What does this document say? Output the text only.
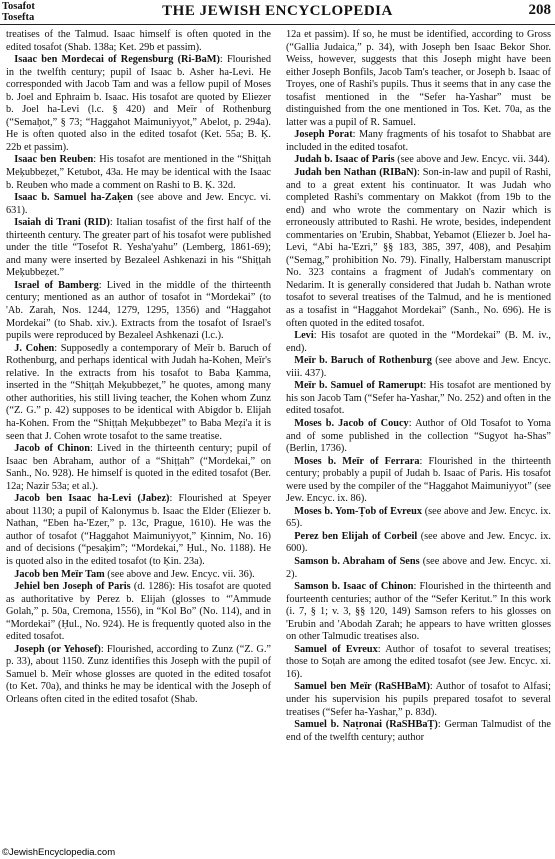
Tosafot
Tosefta	THE JEWISH ENCYCLOPEDIA	208

treatises of the Talmud. Isaac himself is often quoted in the edited tosafot (Shab. 138a; Ket. 29b et passim).

Isaac ben Mordecai of Regensburg (Ri-BaM): Flourished in the twelfth century; pupil of Isaac b. Asher ha-Levi. He corresponded with Jacob Tam and was a fellow pupil of Moses b. Joel and Ephraim b. Isaac. His tosafot are quoted by Eliezer b. Joel ha-Levi (l.c. § 420) and Meïr of Rothenburg (“Semaḥot,” § 73; “Haggahot Maimuniyyot,” Abelot, p. 294a). He is often quoted also in the edited tosafot (Ket. 55a; B. Ḳ. 22b et passim).

Isaac ben Reuben: His tosafot are mentioned in the “Shiṭṭah Meḳubbeẓet,” Ketubot, 43a. He may be identical with the Isaac b. Reuben who made a comment on Rashi to B. Ḳ. 32d.

Isaac b. Samuel ha-Zaḳen (see above and Jew. Encyc. vi. 631).

Isaiah di Trani (RID): Italian tosafist of the first half of the thirteenth century. The greater part of his tosafot were published under the title “Tosefot R. Yesha'yahu” (Lemberg, 1861-69); and many were inserted by Bezaleel Ashkenazi in his “Shiṭṭah Meḳubbeẓet.”

Israel of Bamberg: Lived in the middle of the thirteenth century; mentioned as an author of tosafot in “Mordekai” (to 'Ab. Zarah, Nos. 1244, 1279, 1295, 1356) and “Haggahot Mordekai” (to Shab. xiv.). Extracts from the tosafot of Israel's pupils were reproduced by Bezaleel Ashkenazi (l.c.).

J. Cohen: Supposedly a contemporary of Meïr b. Baruch of Rothenburg, and perhaps identical with Judah ha-Kohen, Meïr's relative. In the extracts from his tosafot to Baba Ḳamma, inserted in the “Shiṭṭah Meḳubbeẓet,” he quotes, among many other authorities, his still living teacher, the Kohen whom Zunz (“Z. G.” p. 42) supposes to be identical with Abigdor b. Elijah ha-Kohen. From the “Shiṭṭah Meḳubbeẓet” to Baba Meẓi'a it is seen that J. Cohen wrote tosafot to the same treatise.

Jacob of Chinon: Lived in the thirteenth century; pupil of Isaac ben Abraham, author of a “Shiṭṭah” (“Mordekai,” on Sanh., No. 928). He himself is quoted in the edited tosafot (Ber. 12a; Nazir 53a; et al.).

Jacob ben Isaac ha-Levi (Jabez): Flourished at Speyer about 1130; a pupil of Kalonymus b. Isaac the Elder (Eliezer b. Nathan, “Eben ha-'Ezer,” p. 13c, Prague, 1610). He was the author of tosafot (“Haggahot Maimuniyyot,” Ḳinnim, No. 16) and of decisions (“pesaḳim”; “Mordekai,” Ḥul., No. 1188). He is quoted also in the edited tosafot (to Ḳin. 23a).

Jacob ben Meïr Tam (see above and Jew. Encyc. vii. 36).

Jehiel ben Joseph of Paris (d. 1286): His tosafot are quoted as authoritative by Perez b. Elijah (glosses to “'Ammude Golah,” p. 50a, Cremona, 1556), in “Kol Bo” (No. 114), and in “Mordekai” (Ḥul., No. 924). He is frequently quoted also in the edited tosafot.

Joseph (or Yehosef): Flourished, according to Zunz (“Z. G.” p. 33), about 1150. Zunz identifies this Joseph with the pupil of Samuel b. Meïr whose glosses are quoted in the edited tosafot (to Ket. 70a), and thinks he may be identical with the Joseph of Orleans often cited in the edited tosafot (Shab.

12a et passim). If so, he must be identified, according to Gross (“Gallia Judaica,” p. 34), with Joseph ben Isaac Bekor Shor. Weiss, however, suggests that this Joseph might have been either Joseph Bonfils, Jacob Tam's teacher, or Joseph b. Isaac of Troyes, one of Rashi's pupils. Thus it seems that in any case the tosafist mentioned in the “Sefer ha-Yashar” must be distinguished from the one mentioned in Tos. Ket. 70a, as the latter was a pupil of R. Samuel.

Joseph Porat: Many fragments of his tosafot to Shabbat are included in the edited tosafot.

Judah b. Isaac of Paris (see above and Jew. Encyc. vii. 344).

Judah ben Nathan (RIBaN): Son-in-law and pupil of Rashi, and to a great extent his continuator. It was Judah who completed Rashi's commentary on Makkot (from 19b to the end) and who wrote the commentary on Nazir which is erroneously attributed to Rashi. He wrote, besides, independent commentaries on 'Erubin, Shabbat, Yebamot (Eliezer b. Joel ha-Levi, “Abi ha-'Ezri,” §§ 183, 385, 397, 408), and Pesaḥim (“Semag,” prohibition No. 79). Finally, Halberstam manuscript No. 323 contains a fragment of Judah's commentary on Nedarim. It is generally considered that Judah b. Nathan wrote tosafot to several treatises of the Talmud, and he is mentioned as a tosafist in “Haggahot Mordekai” (Sanh., No. 696). He is often quoted in the edited tosafot.

Levi: His tosafot are quoted in the “Mordekai” (B. M. iv., end).

Meïr b. Baruch of Rothenburg (see above and Jew. Encyc. viii. 437).

Meïr b. Samuel of Ramerupt: His tosafot are mentioned by his son Jacob Tam (“Sefer ha-Yashar,” No. 252) and often in the edited tosafot.

Moses b. Jacob of Coucy: Author of Old Tosafot to Yoma and of some published in the collection “Sugyot ha-Shas” (Berlin, 1736).

Moses b. Meïr of Ferrara: Flourished in the thirteenth century; probably a pupil of Judah b. Isaac of Paris. His tosafot were used by the compiler of the “Haggahot Maimuniyyot” (see Jew. Encyc. ix. 86).

Moses b. Yom-Ṭob of Evreux (see above and Jew. Encyc. ix. 65).

Perez ben Elijah of Corbeil (see above and Jew. Encyc. ix. 600).

Samson b. Abraham of Sens (see above and Jew. Encyc. xi. 2).

Samson b. Isaac of Chinon: Flourished in the thirteenth and fourteenth centuries; author of the “Sefer Keritut.” In this work (i. 7, § 1; v. 3, §§ 120, 149) Samson refers to his glosses on 'Erubin and 'Abodah Zarah; he appears to have written glosses on other Talmudic treatises also.

Samuel of Evreux: Author of tosafot to several treatises; those to Soṭah are among the edited tosafot (see Jew. Encyc. xi. 16).

Samuel ben Meïr (RaSHBaM): Author of tosafot to Alfasi; under his supervision his pupils prepared tosafot to several treatises (“Sefer ha-Yashar,” p. 83d).

Samuel b. Naṭronai (RaSHBaṬ): German Talmudist of the end of the twelfth century; author

©JewishEncyclopedia.com
